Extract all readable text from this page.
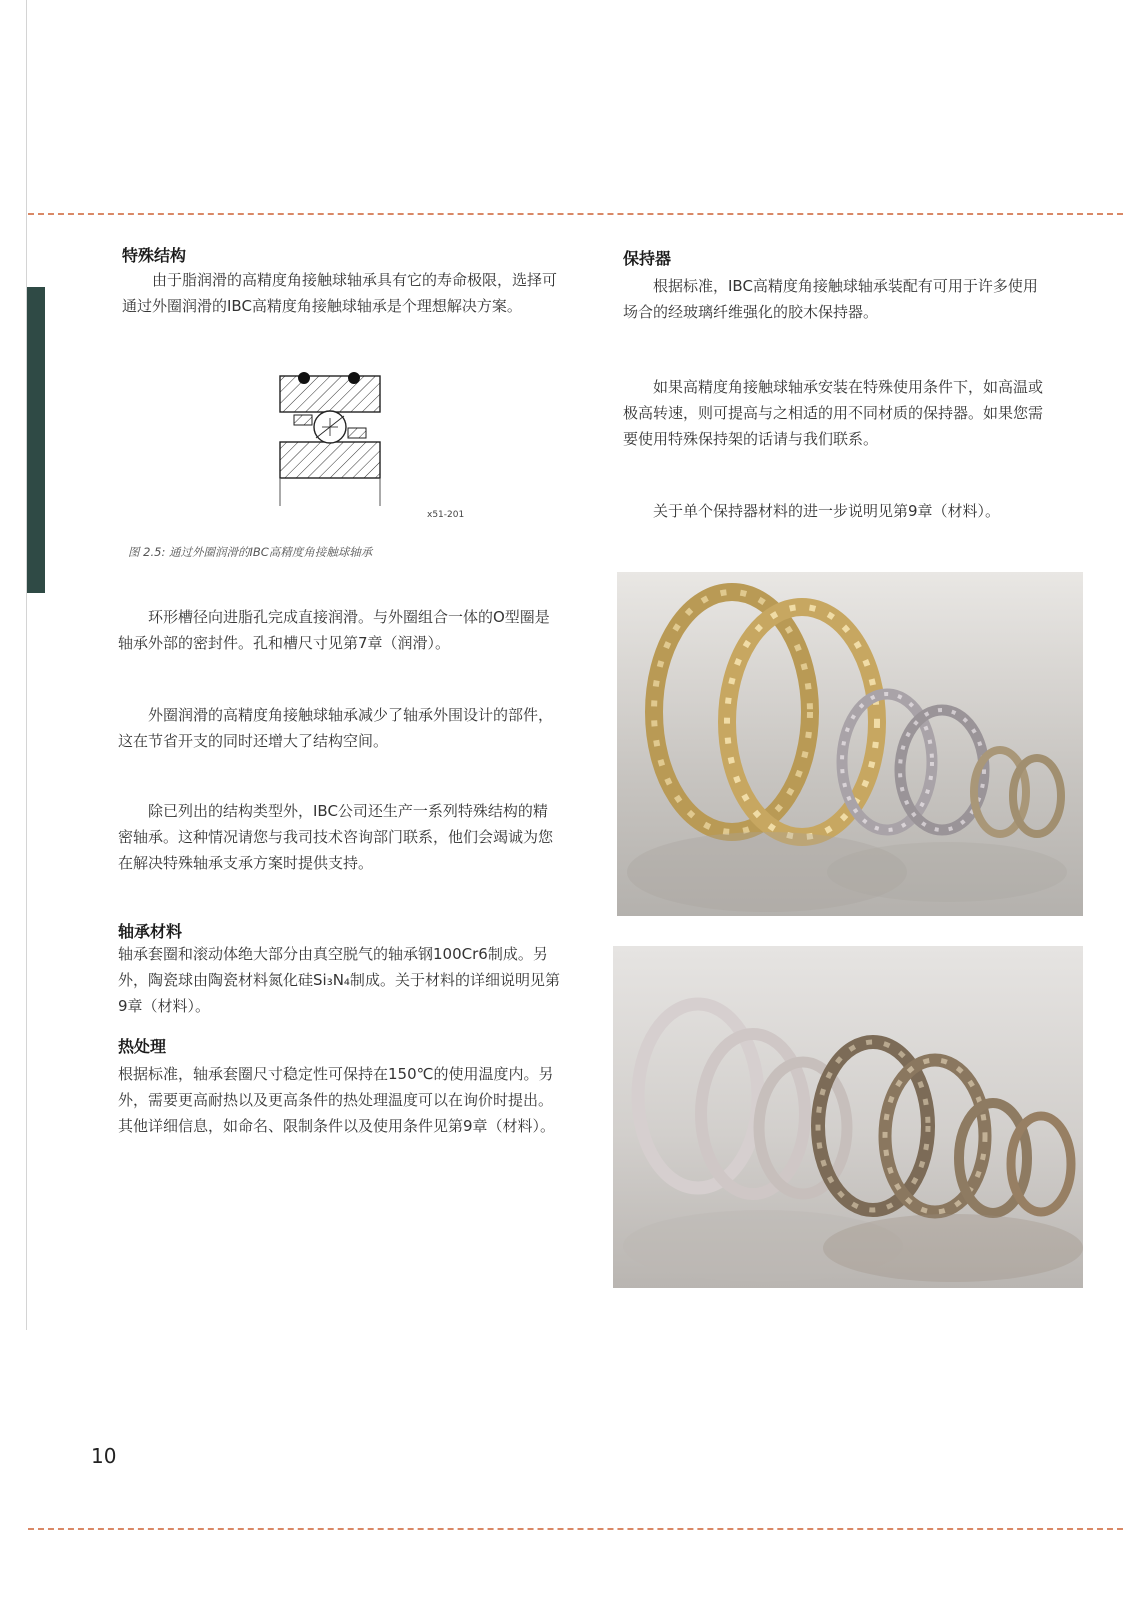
特殊结构

由于脂润滑的高精度角接触球轴承具有它的寿命极限，选择可通过外圈润滑的IBC高精度角接触球轴承是个理想解决方案。

x51-201
图 2.5: 通过外圈润滑的IBC高精度角接触球轴承

环形槽径向进脂孔完成直接润滑。与外圈组合一体的O型圈是轴承外部的密封件。孔和槽尺寸见第7章（润滑）。

外圈润滑的高精度角接触球轴承减少了轴承外围设计的部件，这在节省开支的同时还增大了结构空间。

除已列出的结构类型外，IBC公司还生产一系列特殊结构的精密轴承。这种情况请您与我司技术咨询部门联系，他们会竭诚为您在解决特殊轴承支承方案时提供支持。

轴承材料

轴承套圈和滚动体绝大部分由真空脱气的轴承钢100Cr6制成。另外，陶瓷球由陶瓷材料氮化硅Si₃N₄制成。关于材料的详细说明见第9章（材料）。

热处理

根据标准，轴承套圈尺寸稳定性可保持在150℃的使用温度内。另外，需要更高耐热以及更高条件的热处理温度可以在询价时提出。其他详细信息，如命名、限制条件以及使用条件见第9章（材料）。

保持器

根据标准，IBC高精度角接触球轴承装配有可用于许多使用场合的经玻璃纤维强化的胶木保持器。

如果高精度角接触球轴承安装在特殊使用条件下，如高温或极高转速，则可提高与之相适的用不同材质的保持器。如果您需要使用特殊保持架的话请与我们联系。

关于单个保持器材料的进一步说明见第9章（材料）。

10
